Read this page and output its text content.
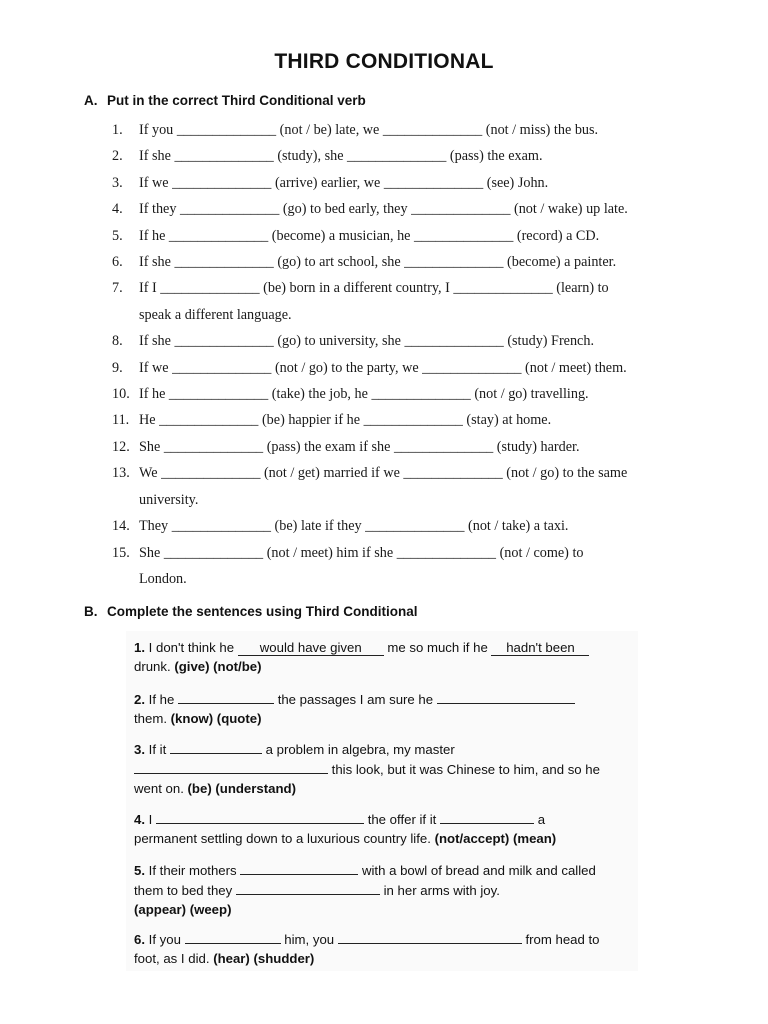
THIRD CONDITIONAL
A. Put in the correct Third Conditional verb
1.	If you ______________ (not / be) late, we ______________ (not / miss) the bus.
2.	If she ______________ (study), she ______________ (pass) the exam.
3.	If we ______________ (arrive) earlier, we ______________ (see) John.
4.	If they ______________ (go) to bed early, they ______________ (not / wake) up late.
5.	If he ______________ (become) a musician, he ______________ (record) a CD.
6.	If she ______________ (go) to art school, she ______________ (become) a painter.
7.	If I ______________ (be) born in a different country, I ______________ (learn) to
speak a different language.
8.	If she ______________ (go) to university, she ______________ (study) French.
9.	If we ______________ (not / go) to the party, we ______________ (not / meet) them.
10. If he ______________ (take) the job, he ______________ (not / go) travelling.
11. He ______________ (be) happier if he ______________ (stay) at home.
12. She ______________ (pass) the exam if she ______________ (study) harder.
13. We ______________ (not / get) married if we ______________ (not / go) to the same
university.
14. They ______________ (be) late if they ______________ (not / take) a taxi.
15. She ______________ (not / meet) him if she ______________ (not / come) to
London.
B. Complete the sentences using Third Conditional
1. I don't think he would have given me so much if he hadn't been
drunk. (give) (not/be)
2. If he	the passages I am sure he
them. (know) (quote)
3. If it	a problem in algebra, my master
this look, but it was Chinese to him, and so he
went on. (be) (understand)
4. I	the offer if it	a
permanent settling down to a luxurious country life. (not/accept) (mean)
5. If their mothers	with a bowl of bread and milk and called
them to bed they	in her arms with joy.
(appear) (weep)
6. If you	him, you	from head to
foot, as I did. (hear) (shudder)
